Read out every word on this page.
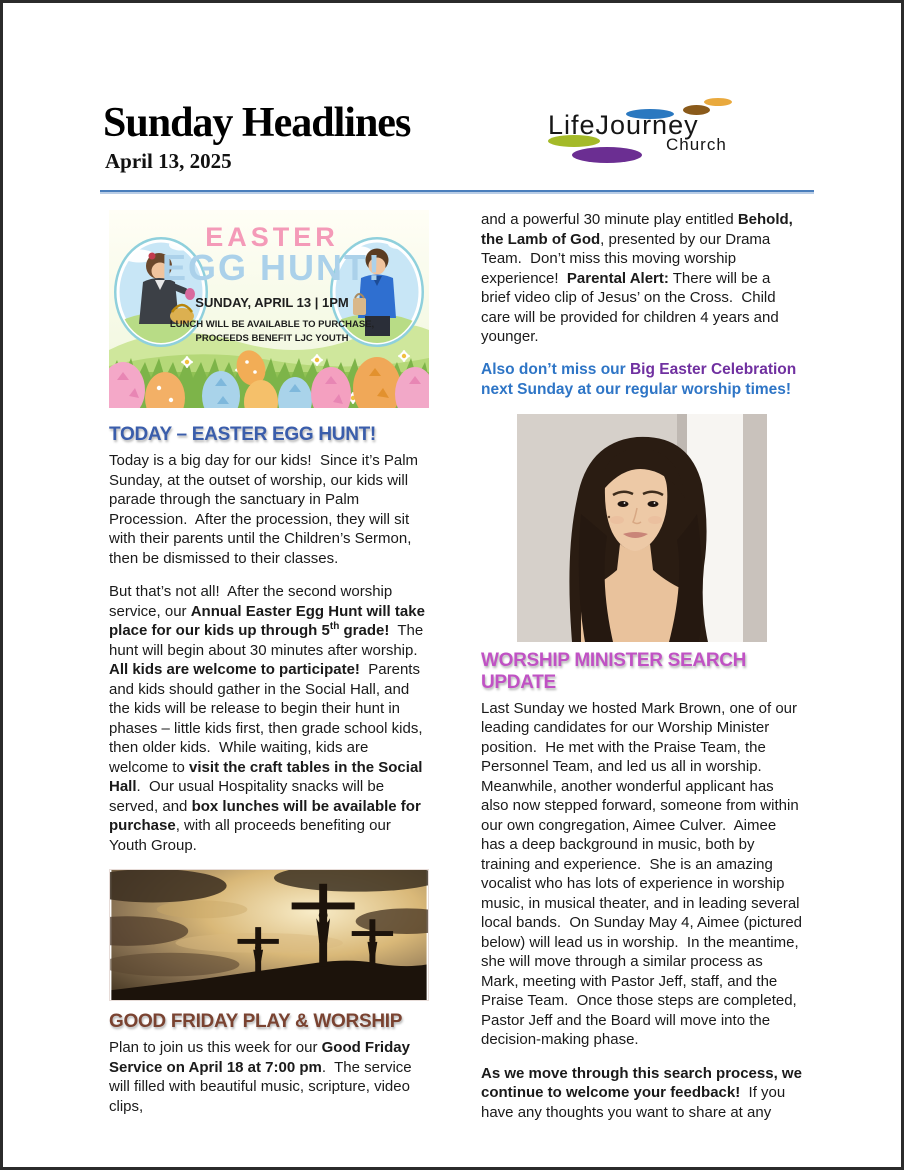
Sunday Headlines
April 13, 2025
LifeJourney
Church
EASTER
EGG HUNT!
SUNDAY, APRIL 13 | 1PM
LUNCH WILL BE AVAILABLE TO PURCHASE,
PROCEEDS BENEFIT LJC YOUTH
TODAY – EASTER EGG HUNT!

Today is a big day for our kids!  Since it’s Palm Sunday, at the outset of worship, our kids will parade through the sanctuary in Palm Procession.  After the procession, they will sit with their parents until the Children’s Sermon, then be dismissed to their classes.

But that’s not all!  After the second worship service, our Annual Easter Egg Hunt will take place for our kids up through 5th grade!  The hunt will begin about 30 minutes after worship.  All kids are welcome to participate!  Parents and kids should gather in the Social Hall, and the kids will be release to begin their hunt in phases – little kids first, then grade school kids, then older kids.  While waiting, kids are welcome to visit the craft tables in the Social Hall.  Our usual Hospitality snacks will be served, and box lunches will be available for purchase, with all proceeds benefiting our Youth Group.

GOOD FRIDAY PLAY & WORSHIP

Plan to join us this week for our Good Friday Service on April 18 at 7:00 pm.  The service will filled with beautiful music, scripture, video clips,

and a powerful 30 minute play entitled Behold, the Lamb of God, presented by our Drama Team.  Don’t miss this moving worship experience!  Parental Alert: There will be a brief video clip of Jesus’ on the Cross.  Child care will be provided for children 4 years and younger.

Also don’t miss our Big Easter Celebration next Sunday at our regular worship times!

WORSHIP MINISTER SEARCH UPDATE

Last Sunday we hosted Mark Brown, one of our leading candidates for our Worship Minister position.  He met with the Praise Team, the Personnel Team, and led us all in worship.  Meanwhile, another wonderful applicant has also now stepped forward, someone from within our own congregation, Aimee Culver.  Aimee has a deep background in music, both by training and experience.  She is an amazing vocalist who has lots of experience in worship music, in musical theater, and in leading several local bands.  On Sunday May 4, Aimee (pictured below) will lead us in worship.  In the meantime, she will move through a similar process as Mark, meeting with Pastor Jeff, staff, and the Praise Team.  Once those steps are completed, Pastor Jeff and the Board will move into the decision-making phase.

As we move through this search process, we continue to welcome your feedback!  If you have any thoughts you want to share at any
